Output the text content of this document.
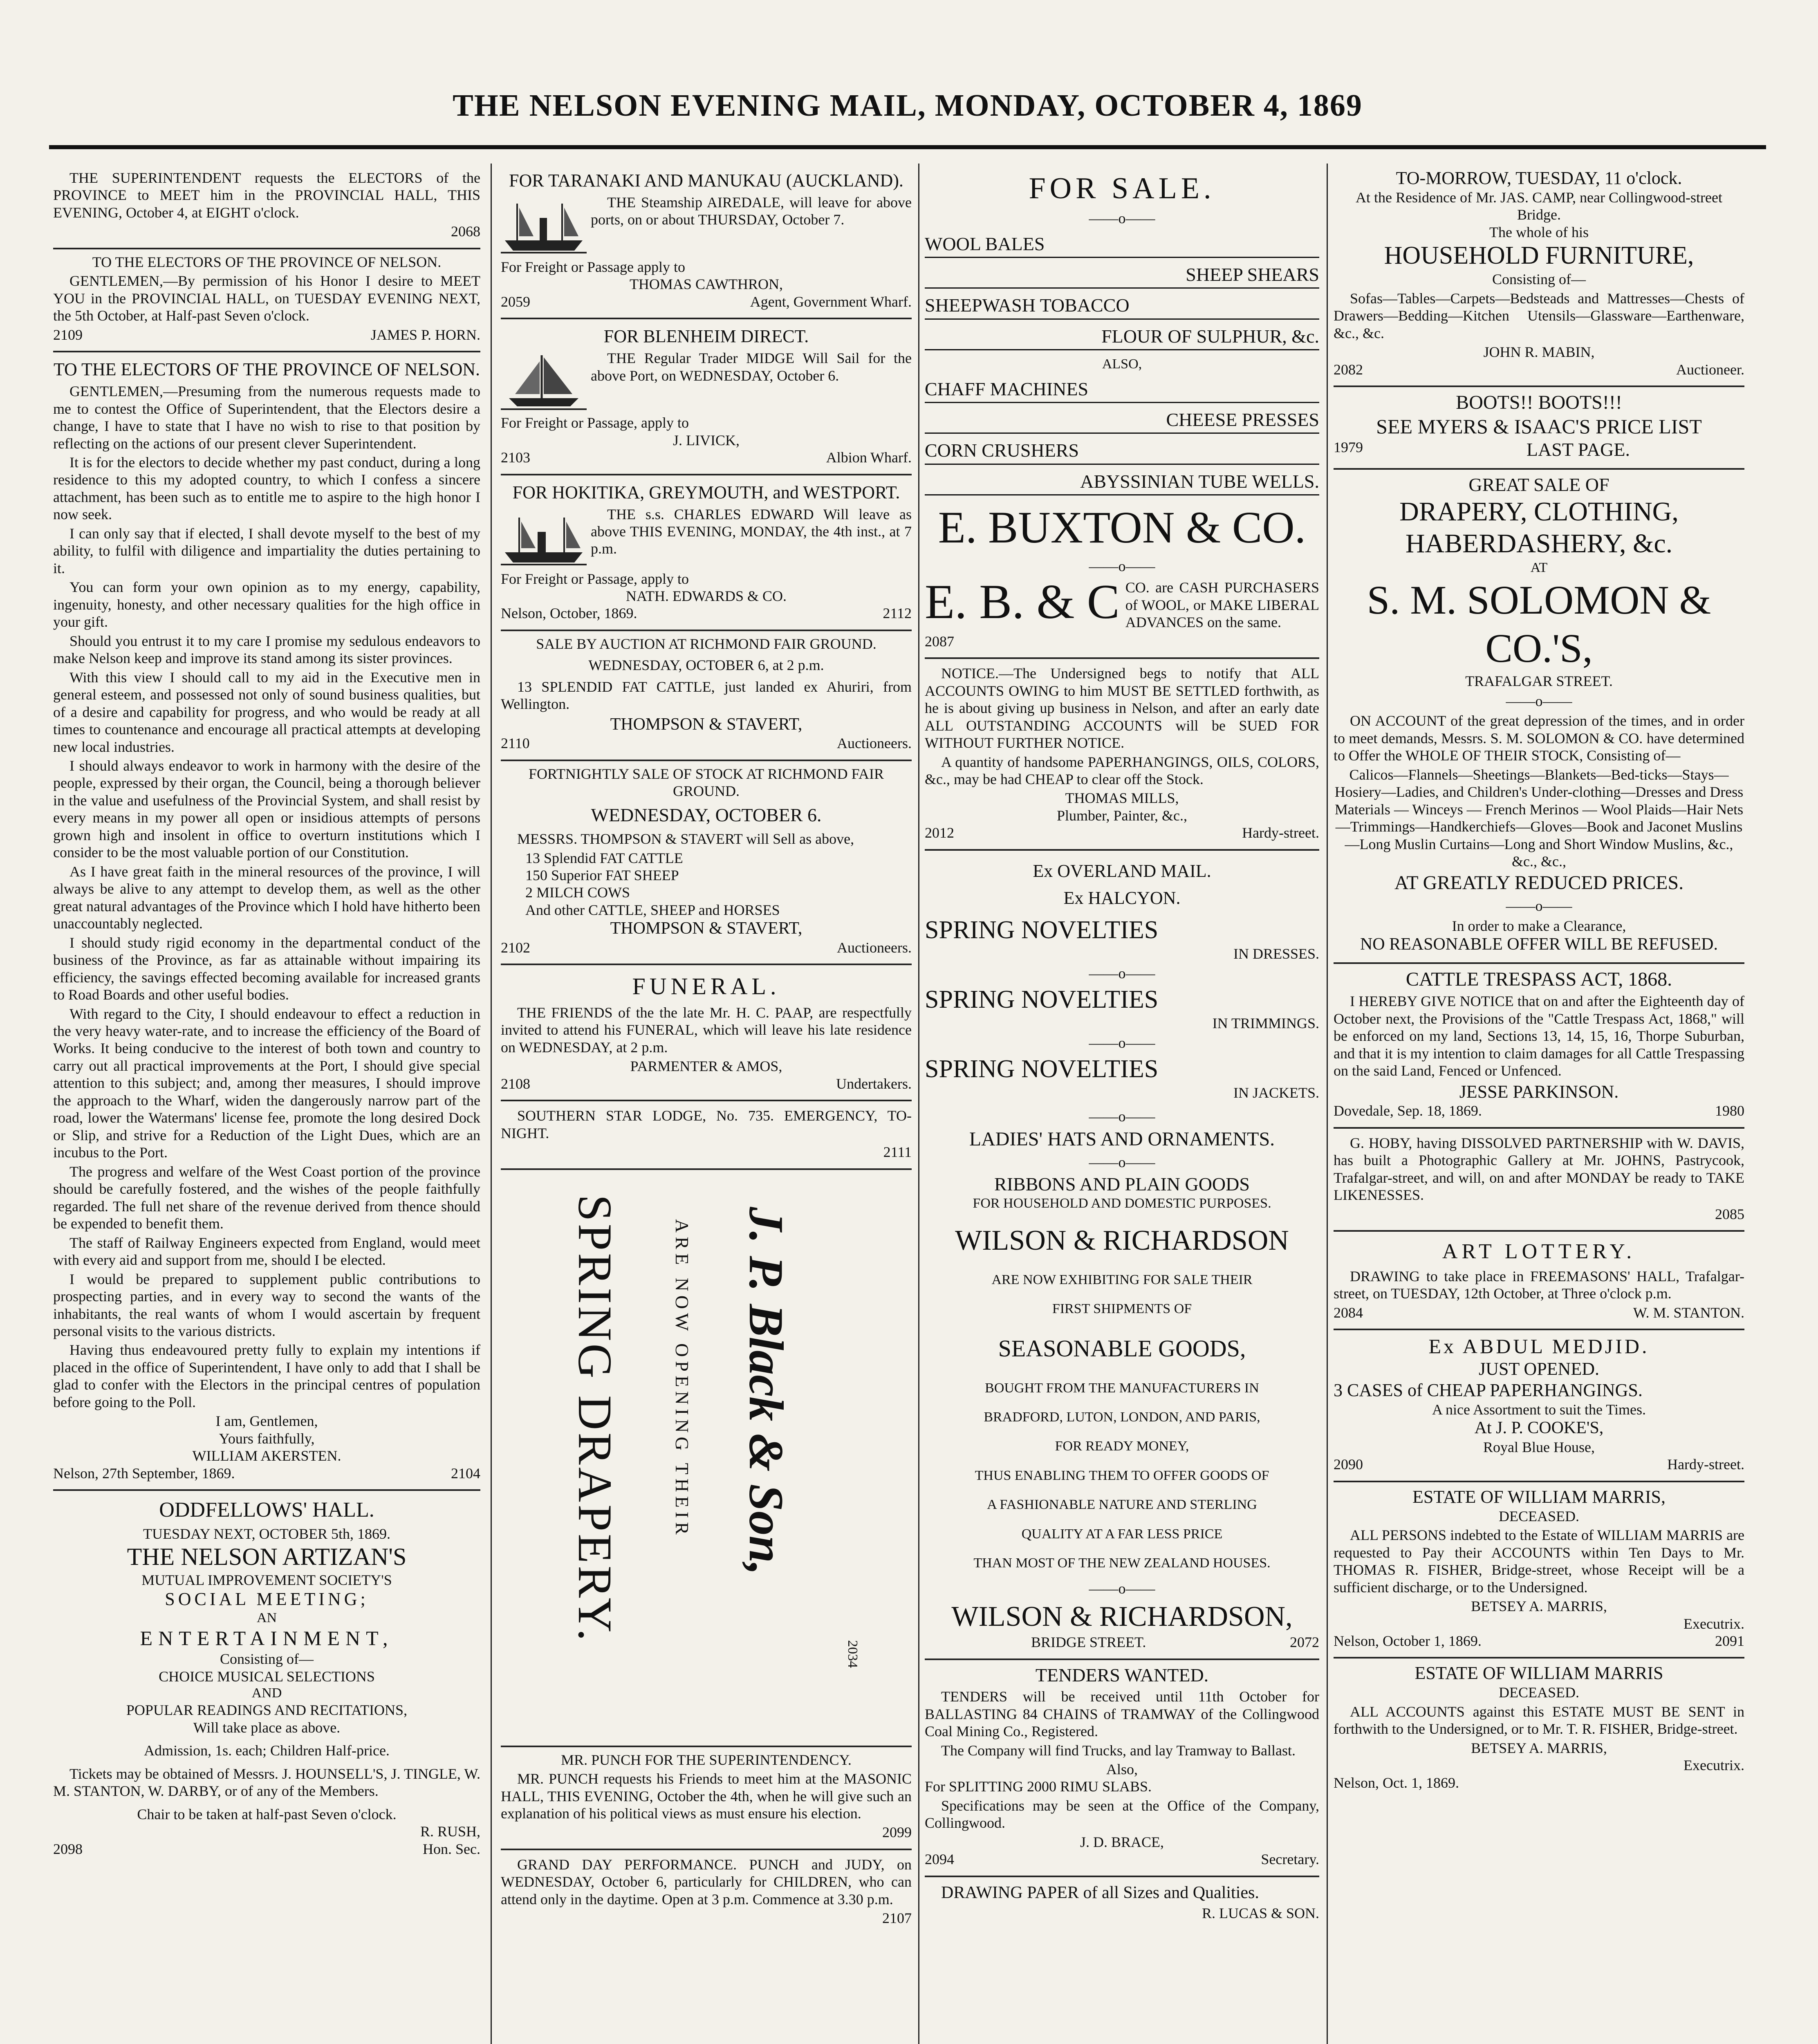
THE NELSON EVENING MAIL, MONDAY, OCTOBER 4, 1869
THE SUPERINTENDENT requests the ELECTORS of the PROVINCE to MEET him in the PROVINCIAL HALL, THIS EVENING, October 4, at EIGHT o'clock.
2068
TO THE ELECTORS OF THE PROVINCE OF NELSON.
GENTLEMEN,—By permission of his Honor I desire to MEET YOU in the PROVINCIAL HALL, on TUESDAY EVENING NEXT, the 5th October, at Half-past Seven o'clock.
2109	JAMES P. HORN.
TO THE ELECTORS OF THE PROVINCE OF NELSON.
GENTLEMEN,—Presuming from the numerous requests made to me to contest the Office of Superintendent, that the Electors desire a change, I have to state that I have no wish to rise to that position by reflecting on the actions of our present clever Superintendent.
It is for the electors to decide whether my past conduct, during a long residence to this my adopted country, to which I confess a sincere attachment, has been such as to entitle me to aspire to the high honor I now seek.
I can only say that if elected, I shall devote myself to the best of my ability, to fulfil with diligence and impartiality the duties pertaining to it.
You can form your own opinion as to my energy, capability, ingenuity, honesty, and other necessary qualities for the high office in your gift.
Should you entrust it to my care I promise my sedulous endeavors to make Nelson keep and improve its stand among its sister provinces.
With this view I should call to my aid in the Executive men in general esteem, and possessed not only of sound business qualities, but of a desire and capability for progress, and who would be ready at all times to countenance and encourage all practical attempts at developing new local industries.
I should always endeavor to work in harmony with the desire of the people, expressed by their organ, the Council, being a thorough believer in the value and usefulness of the Provincial System, and shall resist by every means in my power all open or insidious attempts of persons grown high and insolent in office to overturn institutions which I consider to be the most valuable portion of our Constitution.
As I have great faith in the mineral resources of the province, I will always be alive to any attempt to develop them, as well as the other great natural advantages of the Province which I hold have hitherto been unaccountably neglected.
I should study rigid economy in the departmental conduct of the business of the Province, as far as attainable without impairing its efficiency, the savings effected becoming available for increased grants to Road Boards and other useful bodies.
With regard to the City, I should endeavour to effect a reduction in the very heavy water-rate, and to increase the efficiency of the Board of Works. It being conducive to the interest of both town and country to carry out all practical improvements at the Port, I should give special attention to this subject; and, among ther measures, I should improve the approach to the Wharf, widen the dangerously narrow part of the road, lower the Watermans' license fee, promote the long desired Dock or Slip, and strive for a Reduction of the Light Dues, which are an incubus to the Port.
The progress and welfare of the West Coast portion of the province should be carefully fostered, and the wishes of the people faithfully regarded. The full net share of the revenue derived from thence should be expended to benefit them.
The staff of Railway Engineers expected from England, would meet with every aid and support from me, should I be elected.
I would be prepared to supplement public contributions to prospecting parties, and in every way to second the wants of the inhabitants, the real wants of whom I would ascertain by frequent personal visits to the various districts.
Having thus endeavoured pretty fully to explain my intentions if placed in the office of Superintendent, I have only to add that I shall be glad to confer with the Electors in the principal centres of population before going to the Poll.
I am, Gentlemen,
Yours faithfully,
WILLIAM AKERSTEN.
Nelson, 27th September, 1869.	2104
ODDFELLOWS' HALL.
TUESDAY NEXT, OCTOBER 5th, 1869.
THE NELSON ARTIZAN'S
MUTUAL IMPROVEMENT SOCIETY'S
SOCIAL MEETING;
AN
ENTERTAINMENT,
Consisting of—
CHOICE MUSICAL SELECTIONS
AND
POPULAR READINGS AND RECITATIONS,
Will take place as above.
Admission, 1s. each; Children Half-price.
Tickets may be obtained of Messrs. J. HOUNSELL'S, J. TINGLE, W. M. STANTON, W. DARBY, or of any of the Members.
Chair to be taken at half-past Seven o'clock.
R. RUSH,
2098	Hon. Sec.
FOR TARANAKI AND MANUKAU (AUCKLAND).
THE Steamship AIREDALE, will leave for above ports, on or about THURSDAY, October 7.
For Freight or Passage apply to
THOMAS CAWTHRON,
2059	Agent, Government Wharf.
FOR BLENHEIM DIRECT.
THE Regular Trader MIDGE Will Sail for the above Port, on WEDNESDAY, October 6.
For Freight or Passage, apply to
J. LIVICK,
2103	Albion Wharf.
FOR HOKITIKA, GREYMOUTH, and WESTPORT.
THE s.s. CHARLES EDWARD Will leave as above THIS EVENING, MONDAY, the 4th inst., at 7 p.m.
For Freight or Passage, apply to
NATH. EDWARDS & CO.
Nelson, October, 1869.	2112
SALE BY AUCTION AT RICHMOND FAIR GROUND.
WEDNESDAY, OCTOBER 6, at 2 p.m.
13 SPLENDID FAT CATTLE, just landed ex Ahuriri, from Wellington.
THOMPSON & STAVERT,
2110	Auctioneers.
FORTNIGHTLY SALE OF STOCK AT RICHMOND FAIR GROUND.
WEDNESDAY, OCTOBER 6.
MESSRS. THOMPSON & STAVERT will Sell as above,
13 Splendid FAT CATTLE
150 Superior FAT SHEEP
2 MILCH COWS
And other CATTLE, SHEEP and HORSES
THOMPSON & STAVERT,
2102	Auctioneers.
FUNERAL.
THE FRIENDS of the the late Mr. H. C. PAAP, are respectfully invited to attend his FUNERAL, which will leave his late residence on WEDNESDAY, at 2 p.m.
PARMENTER & AMOS,
2108	Undertakers.
SOUTHERN STAR LODGE, No. 735. EMERGENCY, TO-NIGHT.
2111
SPRING DRAPERY.	ARE NOW OPENING THEIR J. P. Black & Son,
2034
MR. PUNCH FOR THE SUPERINTENDENCY.
MR. PUNCH requests his Friends to meet him at the MASONIC HALL, THIS EVENING, October the 4th, when he will give such an explanation of his political views as must ensure his election.
2099
GRAND DAY PERFORMANCE. PUNCH and JUDY, on WEDNESDAY, October 6, particularly for CHILDREN, who can attend only in the daytime. Open at 3 p.m. Commence at 3.30 p.m.
2107
FOR SALE.
——o——
WOOL BALES
SHEEP SHEARS
SHEEPWASH TOBACCO
FLOUR OF SULPHUR, &c.
ALSO,
CHAFF MACHINES
CHEESE PRESSES
CORN CRUSHERS
ABYSSINIAN TUBE WELLS.
E. BUXTON & CO.
——o——
E. B. & C CO. are CASH PURCHASERS of WOOL, or MAKE LIBERAL ADVANCES on the same.
2087
NOTICE.—The Undersigned begs to notify that ALL ACCOUNTS OWING to him MUST BE SETTLED forthwith, as he is about giving up business in Nelson, and after an early date ALL OUTSTANDING ACCOUNTS will be SUED FOR WITHOUT FURTHER NOTICE.
A quantity of handsome PAPERHANGINGS, OILS, COLORS, &c., may be had CHEAP to clear off the Stock.
THOMAS MILLS,
Plumber, Painter, &c.,
2012	Hardy-street.
Ex OVERLAND MAIL.
Ex HALCYON.
SPRING NOVELTIES
IN DRESSES.
——o——
SPRING NOVELTIES
IN TRIMMINGS.
——o——
SPRING NOVELTIES
IN JACKETS.
——o——
LADIES' HATS AND ORNAMENTS.
——o——
RIBBONS AND PLAIN GOODS
FOR HOUSEHOLD AND DOMESTIC PURPOSES.
WILSON & RICHARDSON
ARE NOW EXHIBITING FOR SALE THEIR
FIRST SHIPMENTS OF
SEASONABLE GOODS,
BOUGHT FROM THE MANUFACTURERS IN
BRADFORD, LUTON, LONDON, AND PARIS,
FOR READY MONEY,
THUS ENABLING THEM TO OFFER GOODS OF
A FASHIONABLE NATURE AND STERLING
QUALITY AT A FAR LESS PRICE
THAN MOST OF THE NEW ZEALAND HOUSES.
——o——
WILSON & RICHARDSON,
BRIDGE STREET.	2072
TENDERS WANTED.
TENDERS will be received until 11th October for BALLASTING 84 CHAINS of TRAMWAY of the Collingwood Coal Mining Co., Registered.
The Company will find Trucks, and lay Tramway to Ballast.
Also,
For SPLITTING 2000 RIMU SLABS.
Specifications may be seen at the Office of the Company, Collingwood.
J. D. BRACE,
2094	Secretary.
DRAWING PAPER of all Sizes and Qualities.
R. LUCAS & SON.
TO-MORROW, TUESDAY, 11 o'clock.
At the Residence of Mr. JAS. CAMP, near Collingwood-street Bridge.
The whole of his
HOUSEHOLD FURNITURE,
Consisting of—
Sofas—Tables—Carpets—Bedsteads and Mattresses—Chests of Drawers—Bedding—Kitchen Utensils—Glassware—Earthenware, &c., &c.
JOHN R. MABIN,
2082	Auctioneer.
BOOTS!! BOOTS!!!
SEE MYERS & ISAAC'S PRICE LIST
1979	LAST PAGE.
GREAT SALE OF
DRAPERY, CLOTHING,
HABERDASHERY, &c.
AT
S. M. SOLOMON & CO.'S,
TRAFALGAR STREET.
——o——
ON ACCOUNT of the great depression of the times, and in order to meet demands, Messrs. S. M. SOLOMON & CO. have determined to Offer the WHOLE OF THEIR STOCK, Consisting of—
Calicos—Flannels—Sheetings—Blankets—Bed-ticks—Stays—Hosiery—Ladies, and Children's Under-clothing—Dresses and Dress Materials — Winceys — French Merinos — Wool Plaids—Hair Nets—Trimmings—Handkerchiefs—Gloves—Book and Jaconet Muslins—Long Muslin Curtains—Long and Short Window Muslins, &c., &c., &c.,
AT GREATLY REDUCED PRICES.
——o——
In order to make a Clearance,
NO REASONABLE OFFER WILL BE REFUSED.
CATTLE TRESPASS ACT, 1868.
I HEREBY GIVE NOTICE that on and after the Eighteenth day of October next, the Provisions of the "Cattle Trespass Act, 1868," will be enforced on my land, Sections 13, 14, 15, 16, Thorpe Suburban, and that it is my intention to claim damages for all Cattle Trespassing on the said Land, Fenced or Unfenced.
JESSE PARKINSON.
Dovedale, Sep. 18, 1869.	1980
G. HOBY, having DISSOLVED PARTNERSHIP with W. DAVIS, has built a Photographic Gallery at Mr. JOHNS, Pastrycook, Trafalgar-street, and will, on and after MONDAY be ready to TAKE LIKENESSES.
2085
ART LOTTERY.
DRAWING to take place in FREEMASONS' HALL, Trafalgar-street, on TUESDAY, 12th October, at Three o'clock p.m.
2084	W. M. STANTON.
Ex ABDUL MEDJID.
JUST OPENED.
3 CASES of CHEAP PAPERHANGINGS.
A nice Assortment to suit the Times.
At J. P. COOKE'S,
Royal Blue House,
2090	Hardy-street.
ESTATE OF WILLIAM MARRIS,
DECEASED.
ALL PERSONS indebted to the Estate of WILLIAM MARRIS are requested to Pay their ACCOUNTS within Ten Days to Mr. THOMAS R. FISHER, Bridge-street, whose Receipt will be a sufficient discharge, or to the Undersigned.
BETSEY A. MARRIS,
Executrix.
Nelson, October 1, 1869.	2091
ESTATE OF WILLIAM MARRIS
DECEASED.
ALL ACCOUNTS against this ESTATE MUST BE SENT in forthwith to the Undersigned, or to Mr. T. R. FISHER, Bridge-street.
BETSEY A. MARRIS,
Executrix.
Nelson, Oct. 1, 1869.
